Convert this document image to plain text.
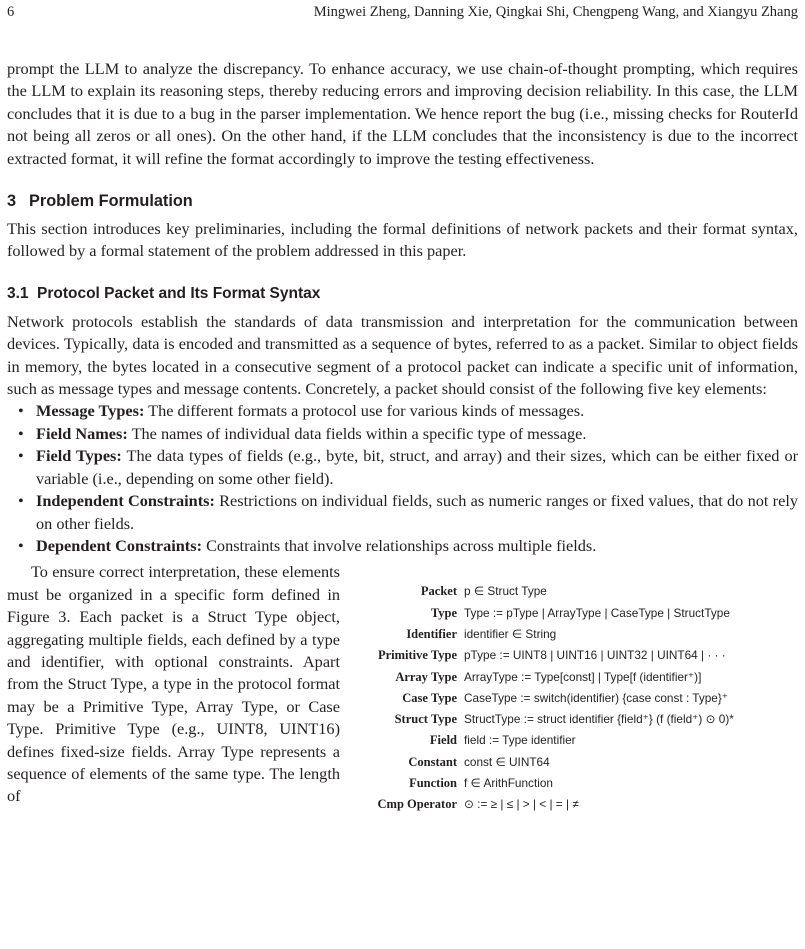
6	Mingwei Zheng, Danning Xie, Qingkai Shi, Chengpeng Wang, and Xiangyu Zhang

prompt the LLM to analyze the discrepancy. To enhance accuracy, we use chain-of-thought prompting, which requires the LLM to explain its reasoning steps, thereby reducing errors and improving decision reliability. In this case, the LLM concludes that it is due to a bug in the parser implementation. We hence report the bug (i.e., missing checks for RouterId not being all zeros or all ones). On the other hand, if the LLM concludes that the inconsistency is due to the incorrect extracted format, it will refine the format accordingly to improve the testing effectiveness.

3 Problem Formulation

This section introduces key preliminaries, including the formal definitions of network packets and their format syntax, followed by a formal statement of the problem addressed in this paper.

3.1 Protocol Packet and Its Format Syntax

Network protocols establish the standards of data transmission and interpretation for the communication between devices. Typically, data is encoded and transmitted as a sequence of bytes, referred to as a packet. Similar to object fields in memory, the bytes located in a consecutive segment of a protocol packet can indicate a specific unit of information, such as message types and message contents. Concretely, a packet should consist of the following five key elements:

• Message Types: The different formats a protocol use for various kinds of messages.
• Field Names: The names of individual data fields within a specific type of message.
• Field Types: The data types of fields (e.g., byte, bit, struct, and array) and their sizes, which can be either fixed or variable (i.e., depending on some other field).
• Independent Constraints: Restrictions on individual fields, such as numeric ranges or fixed values, that do not rely on other fields.
• Dependent Constraints: Constraints that involve relationships across multiple fields.

To ensure correct interpretation, these elements must be organized in a specific form defined in Figure 3. Each packet is a Struct Type object, aggregating multiple fields, each defined by a type and identifier, with optional constraints. Apart from the Struct Type, a type in the protocol format may be a Primitive Type, Array Type, or Case Type. Primitive Type (e.g., UINT8, UINT16) defines fixed-size fields. Array Type represents a sequence of elements of the same type. The length of

Packet p ∈ Struct Type
Type Type := pType | ArrayType | CaseType | StructType
Identifier identifier ∈ String
Primitive Type pType := UINT8 | UINT16 | UINT32 | UINT64 | · · ·
Array Type ArrayType := Type[const] | Type[f (identifier⁺)]
Case Type CaseType := switch(identifier) {case const : Type}⁺
Struct Type StructType := struct identifier {field⁺} (f (field⁺) ⊙ 0)*
Field field := Type identifier
Constant const ∈ UINT64
Function f ∈ ArithFunction
Cmp Operator ⊙ := ≥ | ≤ | > | < | = | ≠
